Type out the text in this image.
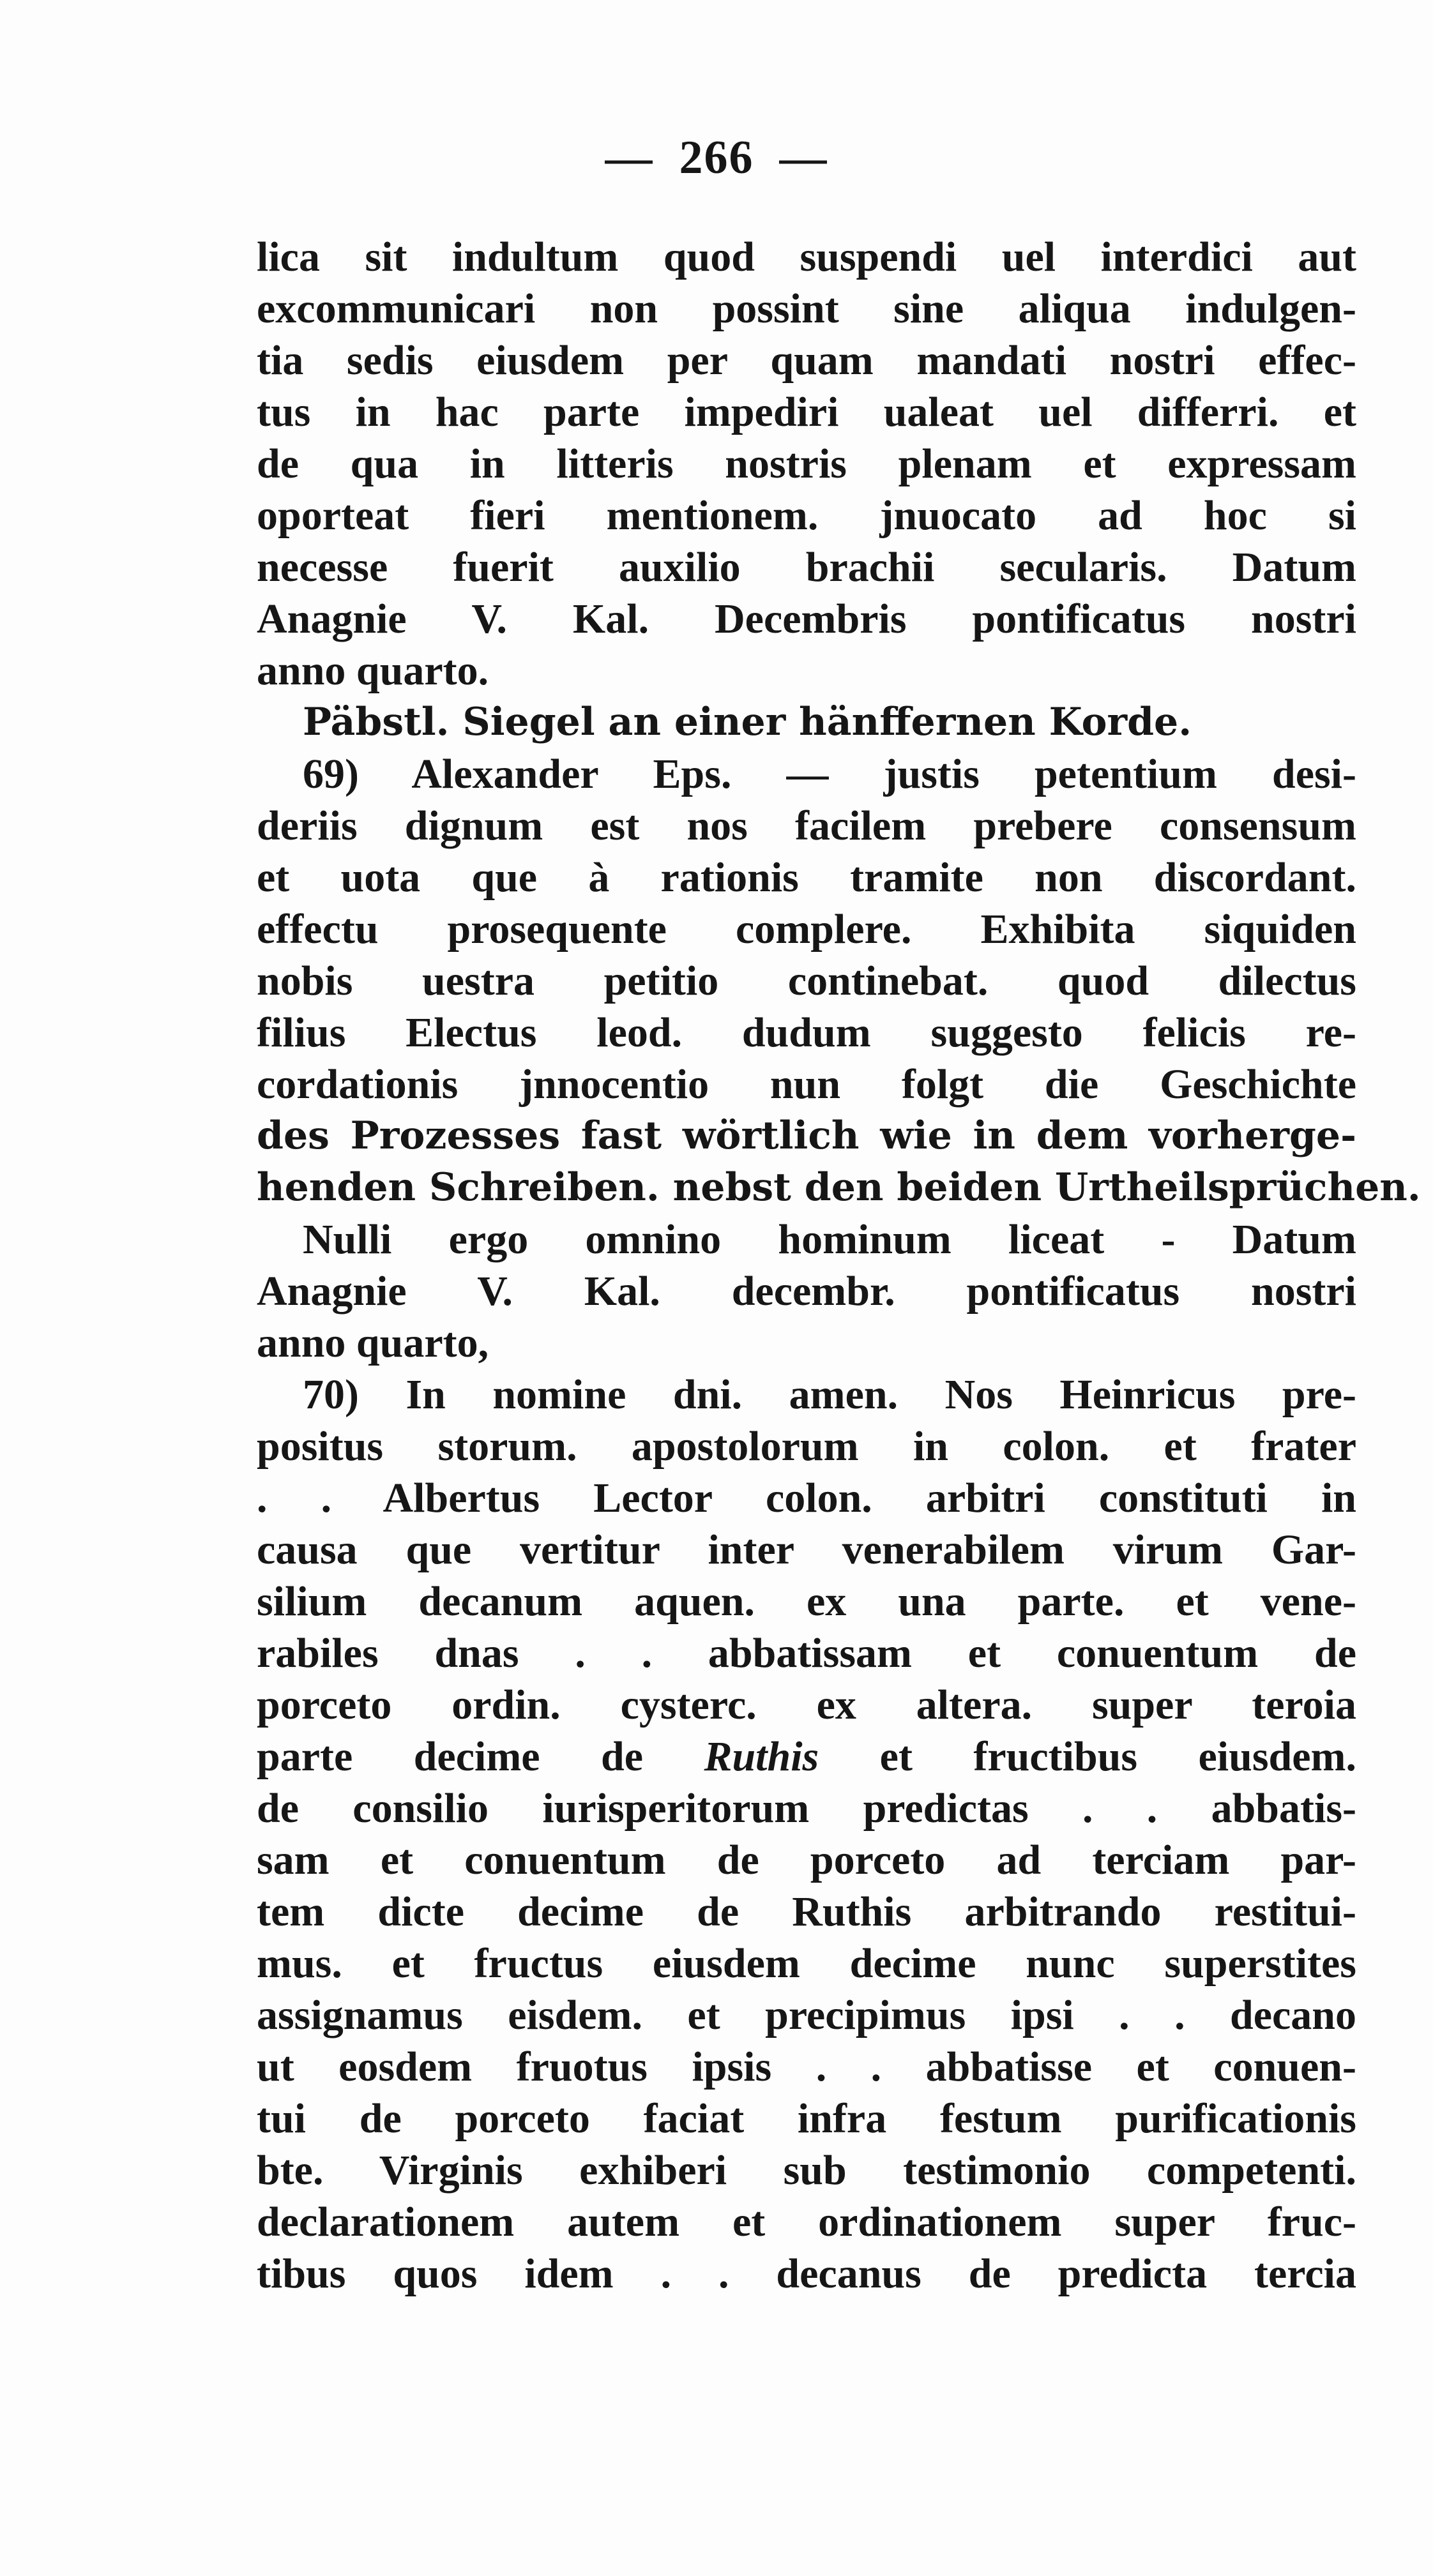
— 266 —
lica sit indultum quod suspendi uel interdici aut
excommunicari non possint sine aliqua indulgen-
tia sedis eiusdem per quam mandati nostri effec-
tus in hac parte impediri ualeat uel differri. et
de qua in litteris nostris plenam et expressam
oporteat fieri mentionem. jnuocato ad hoc si
necesse fuerit auxilio brachii secularis. Datum
Anagnie V. Kal. Decembris pontificatus nostri
anno quarto.
Päbstl. Siegel an einer hänffernen Korde.
69) Alexander Eps. — justis petentium desi-
deriis dignum est nos facilem prebere consensum
et uota que à rationis tramite non discordant.
effectu prosequente complere. Exhibita siquiden
nobis uestra petitio continebat. quod dilectus
filius Electus leod. dudum suggesto felicis re-
cordationis jnnocentio nun folgt die Geschichte
des Prozesses fast wörtlich wie in dem vorherge-
henden Schreiben. nebst den beiden Urtheilsprüchen.
Nulli ergo omnino hominum liceat - Datum
Anagnie V. Kal. decembr. pontificatus nostri
anno quarto,
70) In nomine dni. amen. Nos Heinricus pre-
positus storum. apostolorum in colon. et frater
. . Albertus Lector colon. arbitri constituti in
causa que vertitur inter venerabilem virum Gar-
silium decanum aquen. ex una parte. et vene-
rabiles dnas . . abbatissam et conuentum de
porceto ordin. cysterc. ex altera. super teroia
parte decime de Ruthis et fructibus eiusdem.
de consilio iurisperitorum predictas . . abbatis-
sam et conuentum de porceto ad terciam par-
tem dicte decime de Ruthis arbitrando restitui-
mus. et fructus eiusdem decime nunc superstites
assignamus eisdem. et precipimus ipsi . . decano
ut eosdem fruotus ipsis . . abbatisse et conuen-
tui de porceto faciat infra festum purificationis
bte. Virginis exhiberi sub testimonio competenti.
declarationem autem et ordinationem super fruc-
tibus quos idem . . decanus de predicta tercia
